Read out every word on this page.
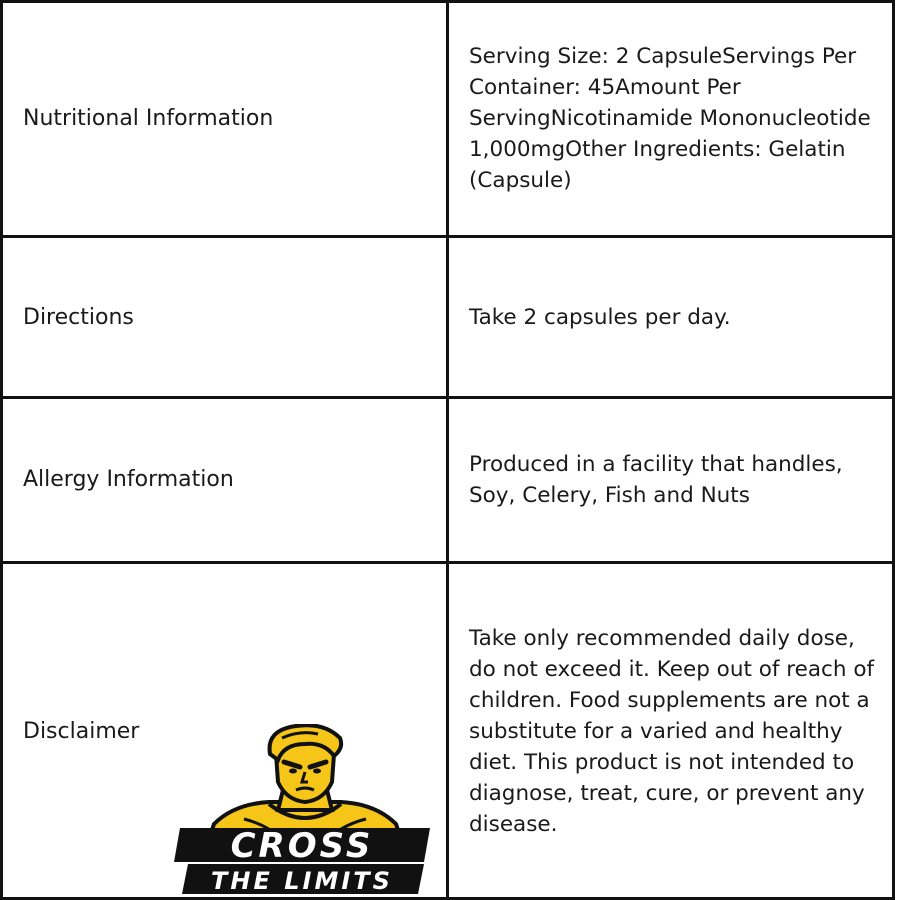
Nutritional Information
Serving Size: 2 CapsuleServings Per Container: 45Amount Per ServingNicotinamide Mononucleotide   1,000mgOther Ingredients: Gelatin (Capsule)
Directions	Take 2 capsules per day.
Allergy Information
Produced in a facility that handles, Soy, Celery, Fish and Nuts
Disclaimer
Take only recommended daily dose, do not exceed it. Keep out of reach of children. Food supplements are not a substitute for a varied and healthy diet. This product is not intended to diagnose, treat, cure, or prevent any disease.
CROSS
THE LIMITS
